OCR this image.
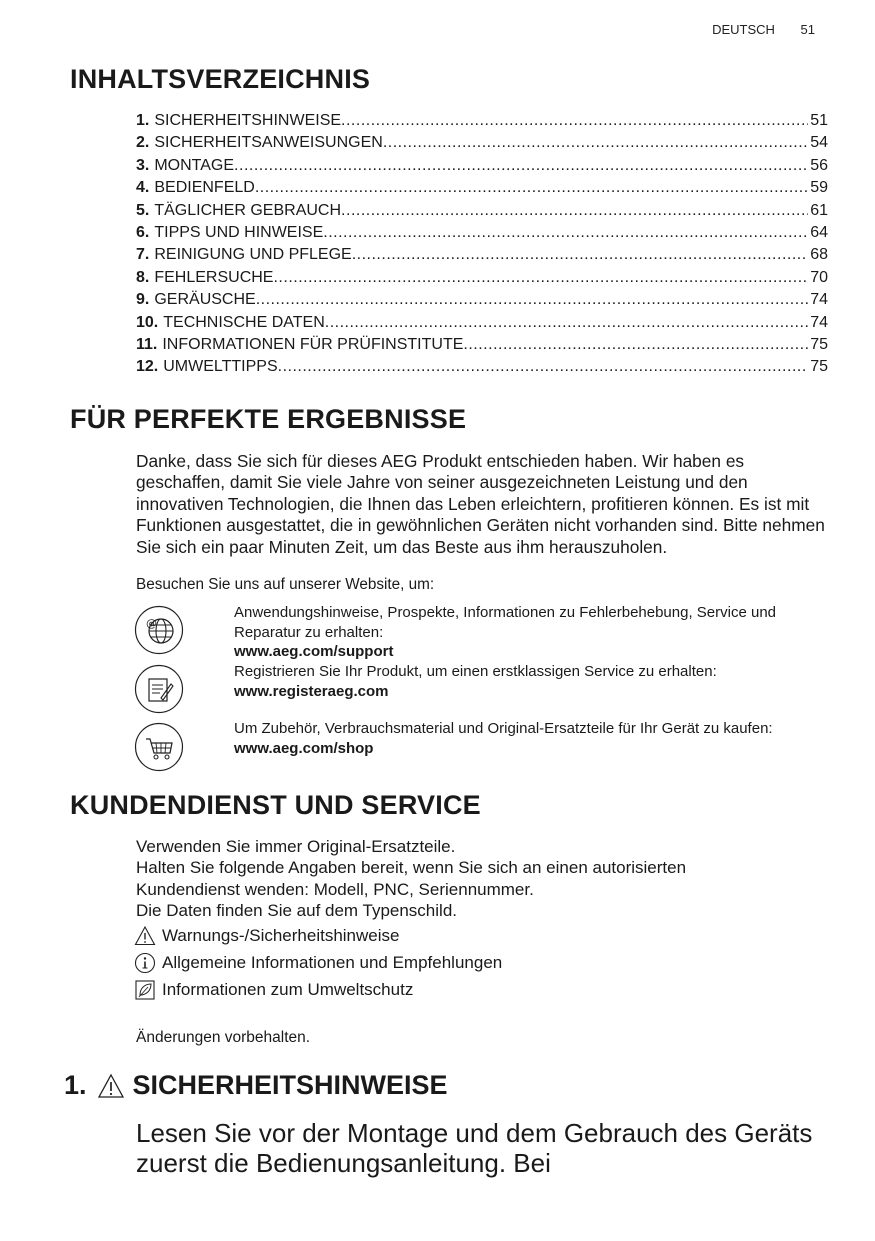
DEUTSCH 51
INHALTSVERZEICHNIS
1. SICHERHEITSHINWEISE .....	51
2. SICHERHEITSANWEISUNGEN .....	54
3. MONTAGE .....	56
4. BEDIENFELD .....	59
5. TÄGLICHER GEBRAUCH .....	61
6. TIPPS UND HINWEISE .....	64
7. REINIGUNG UND PFLEGE .....	68
8. FEHLERSUCHE .....	70
9. GERÄUSCHE .....	74
10. TECHNISCHE DATEN .....	74
11. INFORMATIONEN FÜR PRÜFINSTITUTE .....	75
12. UMWELTTIPPS .....	75
FÜR PERFEKTE ERGEBNISSE

Danke, dass Sie sich für dieses AEG Produkt entschieden haben. Wir haben es geschaffen, damit Sie viele Jahre von seiner ausgezeichneten Leistung und den innovativen Technologien, die Ihnen das Leben erleichtern, profitieren können. Es ist mit Funktionen ausgestattet, die in gewöhnlichen Geräten nicht vorhanden sind. Bitte nehmen Sie sich ein paar Minuten Zeit, um das Beste aus ihm herauszuholen.

Besuchen Sie uns auf unserer Website, um:

@
Anwendungshinweise, Prospekte, Informationen zu Fehlerbehebung, Service und Reparatur zu erhalten:
www.aeg.com/support
Registrieren Sie Ihr Produkt, um einen erstklassigen Service zu erhalten:
www.registeraeg.com
Um Zubehör, Verbrauchsmaterial und Original-Ersatzteile für Ihr Gerät zu kaufen:
www.aeg.com/shop
KUNDENDIENST UND SERVICE
Verwenden Sie immer Original-Ersatzteile.
Halten Sie folgende Angaben bereit, wenn Sie sich an einen autorisierten
Kundendienst wenden: Modell, PNC, Seriennummer.
Die Daten finden Sie auf dem Typenschild.
Warnungs-/Sicherheitshinweise
Allgemeine Informationen und Empfehlungen
Informationen zum Umweltschutz
Änderungen vorbehalten.
1. SICHERHEITSHINWEISE
Lesen Sie vor der Montage und dem Gebrauch des Geräts zuerst die Bedienungsanleitung. Bei
